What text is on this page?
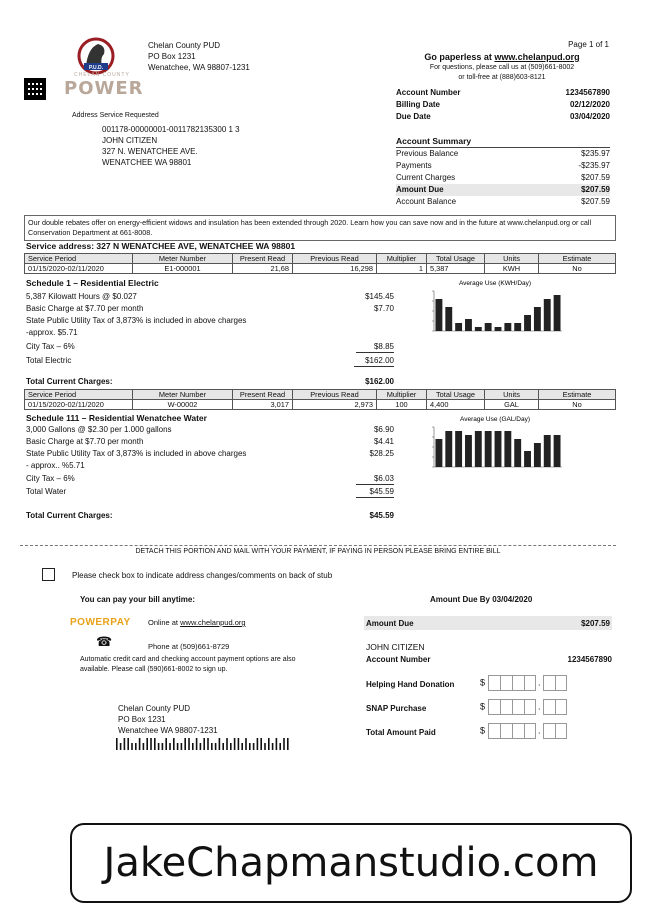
P.U.D.
CHELAN COUNTY
POWER
Chelan County PUD
PO Box 1231
Wenatchee, WA 98807-1231
Page 1 of 1
Go paperless at www.chelanpud.org
For questions, please call us at (509)661-8002
or toll-free at (888)603-8121
Account Number	1234567890
Billing Date	02/12/2020
Due Date	03/04/2020
Address Service Requested
001178-00000001-0011782135300 1 3
JOHN CITIZEN
327 N. WENATCHEE AVE.
WENATCHEE WA 98801
Account Summary
Previous Balance	$235.97
Payments	-$235.97
Current Charges	$207.59
Amount Due	$207.59
Account Balance	$207.59
Our double rebates offer on energy-efficient widows and insulation has been extended through 2020. Learn how you can save now and in the future at www.chelanpud.org or call Conservation Department at 661-8008.
Service address: 327 N WENATCHEE AVE, WENATCHEE WA 98801
Service Period	Meter Number	Present Read	Previous Read	Multiplier	Total Usage	Units	Estimate
01/15/2020-02/11/2020	E1-000001	21,68	16,298	1	5,387	KWH	No
Schedule 1 – Residential Electric
5,387 Kilowatt Hours @ $0.027	$145.45
Basic Charge at $7.70 per month	$7.70
State Public Utility Tax of 3,873% is included in above charges
-approx. $5.71
City Tax – 6%	$8.85
Total Electric	$162.00
Total Current Charges:	$162.00
Average Use (KWH/Day)
Service Period	Meter Number	Present Read	Previous Read	Multiplier	Total Usage	Units	Estimate
01/15/2020-02/11/2020	W-00002	3,017	2,973	100	4,400	GAL	No
Schedule 111 – Residential Wenatchee Water
3,000 Gallons @ $2.30 per 1.000 gallons	$6.90
Basic Charge at $7.70 per month	$4.41
State Public Utility Tax of 3,873% is included in above charges	$28.25
- approx.. %5.71
City Tax – 6%	$6.03
Total Water	$45.59
Total Current Charges:	$45.59
Average Use (GAL/Day)
DETACH THIS PORTION AND MAIL WITH YOUR PAYMENT, IF PAYING IN PERSON PLEASE BRING ENTIRE BILL
Please check box to indicate address changes/comments on back of stub
You can pay your bill anytime:	Amount Due By 03/04/2020
POWERPAY Online at www.chelanpud.org
☎	Phone at (509)661-8729
Automatic credit card and checking account payment options are also available. Please call (590)661-8002 to sign up.
Amount Due	$207.59
JOHN CITIZEN
Account Number	1234567890
Helping Hand Donation	$	.
SNAP Purchase	$	.
Total Amount Paid	$	.
Chelan County PUD
PO Box 1231
Wenatchee WA 98807-1231
JakeChapmanstudio.com
